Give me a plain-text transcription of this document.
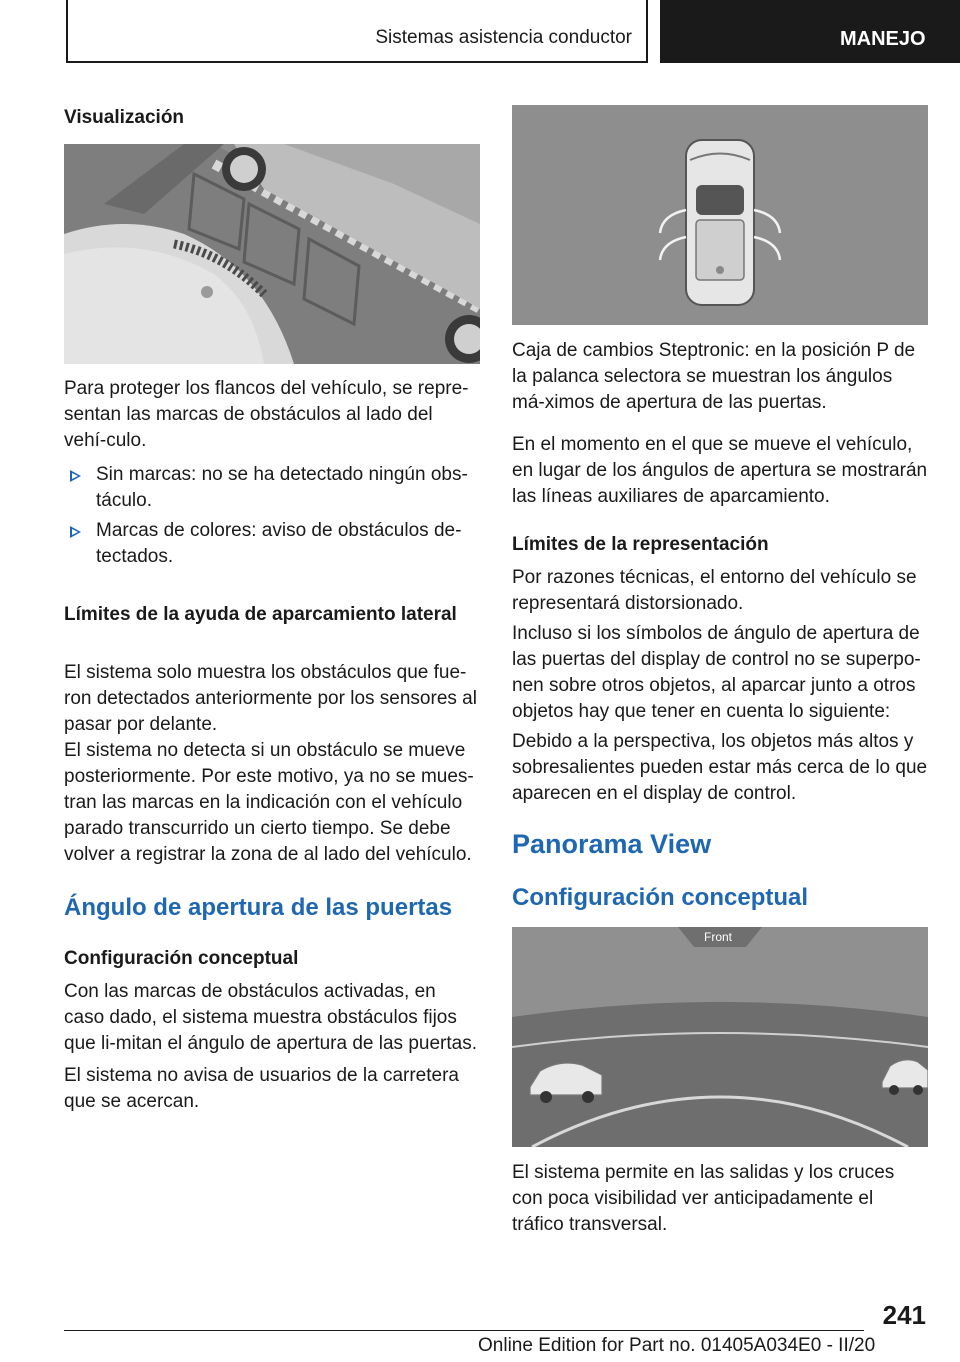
Sistemas asistencia conductor	MANEJO
Visualización

Para proteger los flancos del vehículo, se repre-sentan las marcas de obstáculos al lado del vehí-culo.

Sin marcas: no se ha detectado ningún obs-táculo.

Marcas de colores: aviso de obstáculos de-tectados.

Límites de la ayuda de aparcamiento lateral

El sistema solo muestra los obstáculos que fue-ron detectados anteriormente por los sensores al pasar por delante.

El sistema no detecta si un obstáculo se mueve posteriormente. Por este motivo, ya no se mues-tran las marcas en la indicación con el vehículo parado transcurrido un cierto tiempo. Se debe volver a registrar la zona de al lado del vehículo.

Ángulo de apertura de las puertas
Configuración conceptual

Con las marcas de obstáculos activadas, en caso dado, el sistema muestra obstáculos fijos que li-mitan el ángulo de apertura de las puertas.

El sistema no avisa de usuarios de la carretera que se acercan.

Caja de cambios Steptronic: en la posición P de la palanca selectora se muestran los ángulos má-ximos de apertura de las puertas.

En el momento en el que se mueve el vehículo, en lugar de los ángulos de apertura se mostrarán las líneas auxiliares de aparcamiento.

Límites de la representación

Por razones técnicas, el entorno del vehículo se representará distorsionado.

Incluso si los símbolos de ángulo de apertura de las puertas del display de control no se superpo-nen sobre otros objetos, al aparcar junto a otros objetos hay que tener en cuenta lo siguiente:

Debido a la perspectiva, los objetos más altos y sobresalientes pueden estar más cerca de lo que aparecen en el display de control.

Panorama View
Configuración conceptual
Front

El sistema permite en las salidas y los cruces con poca visibilidad ver anticipadamente el tráfico transversal.

241
Online Edition for Part no. 01405A034E0 - II/20
